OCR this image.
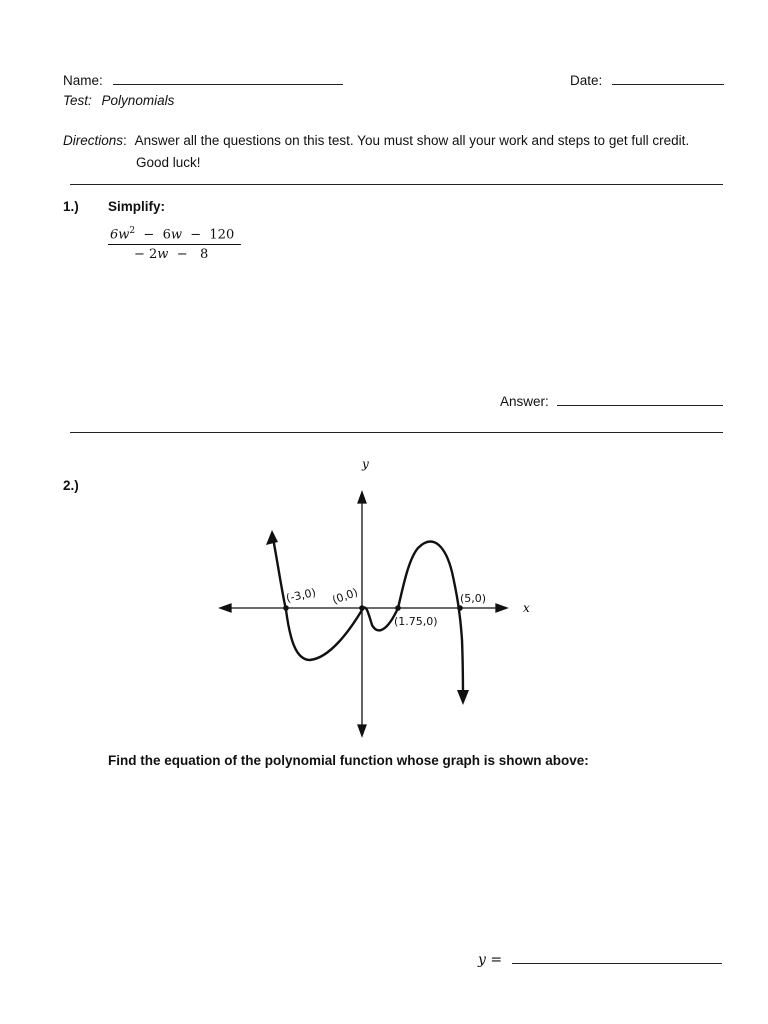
Name:	Date:
Test: Polynomials
Directions: Answer all the questions on this test. You must show all your work and steps to get full credit.
Good luck!
1.) Simplify:
$6w^2 - 6w - 120$
− 2w  −   8
Answer:
2.)
y
x
(-3,0) (0,0)
(1.75,0)
(5,0)
Find the equation of the polynomial function whose graph is shown above:
y =
